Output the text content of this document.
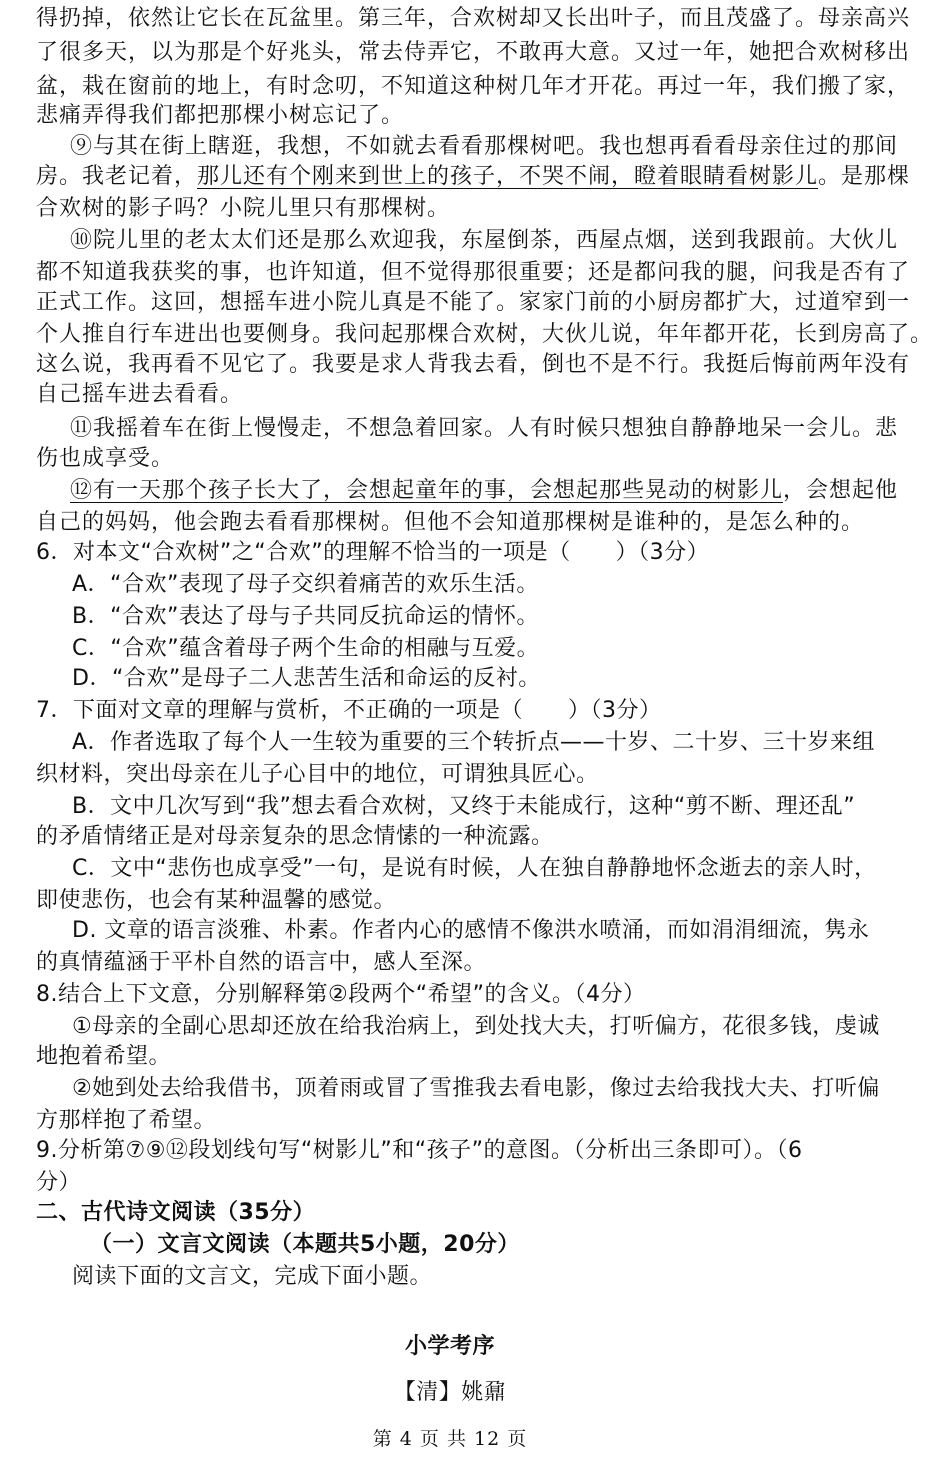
得扔掉，依然让它长在瓦盆里。第三年，合欢树却又长出叶子，而且茂盛了。母亲高兴
了很多天，以为那是个好兆头，常去侍弄它，不敢再大意。又过一年，她把合欢树移出
盆，栽在窗前的地上，有时念叨，不知道这种树几年才开花。再过一年，我们搬了家，
悲痛弄得我们都把那棵小树忘记了。
⑨与其在街上瞎逛，我想，不如就去看看那棵树吧。我也想再看看母亲住过的那间
房。我老记着，那儿还有个刚来到世上的孩子，不哭不闹，瞪着眼睛看树影儿。是那棵
合欢树的影子吗？小院儿里只有那棵树。
⑩院儿里的老太太们还是那么欢迎我，东屋倒茶，西屋点烟，送到我跟前。大伙儿
都不知道我获奖的事，也许知道，但不觉得那很重要；还是都问我的腿，问我是否有了
正式工作。这回，想摇车进小院儿真是不能了。家家门前的小厨房都扩大，过道窄到一
个人推自行车进出也要侧身。我问起那棵合欢树，大伙儿说，年年都开花，长到房高了。
这么说，我再看不见它了。我要是求人背我去看，倒也不是不行。我挺后悔前两年没有
自己摇车进去看看。
⑪我摇着车在街上慢慢走，不想急着回家。人有时候只想独自静静地呆一会儿。悲
伤也成享受。
⑫有一天那个孩子长大了，会想起童年的事，会想起那些晃动的树影儿，会想起他
自己的妈妈，他会跑去看看那棵树。但他不会知道那棵树是谁种的，是怎么种的。
6．对本文“合欢树”之“合欢”的理解不恰当的一项是（　　）（3分）
A．“合欢”表现了母子交织着痛苦的欢乐生活。
B．“合欢”表达了母与子共同反抗命运的情怀。
C．“合欢”蕴含着母子两个生命的相融与互爱。
D．“合欢”是母子二人悲苦生活和命运的反衬。
7．下面对文章的理解与赏析，不正确的一项是（　　）（3分）
A．作者选取了每个人一生较为重要的三个转折点——十岁、二十岁、三十岁来组
织材料，突出母亲在儿子心目中的地位，可谓独具匠心。
B．文中几次写到“我”想去看合欢树，又终于未能成行，这种“剪不断、理还乱”
的矛盾情绪正是对母亲复杂的思念情愫的一种流露。
C．文中“悲伤也成享受”一句，是说有时候，人在独自静静地怀念逝去的亲人时，
即使悲伤，也会有某种温馨的感觉。
D. 文章的语言淡雅、朴素。作者内心的感情不像洪水喷涌，而如涓涓细流，隽永
的真情蕴涵于平朴自然的语言中，感人至深。
8.结合上下文意，分别解释第②段两个“希望”的含义。（4分）
①母亲的全副心思却还放在给我治病上，到处找大夫，打听偏方，花很多钱，虔诚
地抱着希望。
②她到处去给我借书，顶着雨或冒了雪推我去看电影，像过去给我找大夫、打听偏
方那样抱了希望。
9.分析第⑦⑨⑫段划线句写“树影儿”和“孩子”的意图。（分析出三条即可）。（6
分）
二、古代诗文阅读（35分）
（一）文言文阅读（本题共5小题，20分）
阅读下面的文言文，完成下面小题。
小学考序
【清】姚鼐
第 4 页 共 12 页
